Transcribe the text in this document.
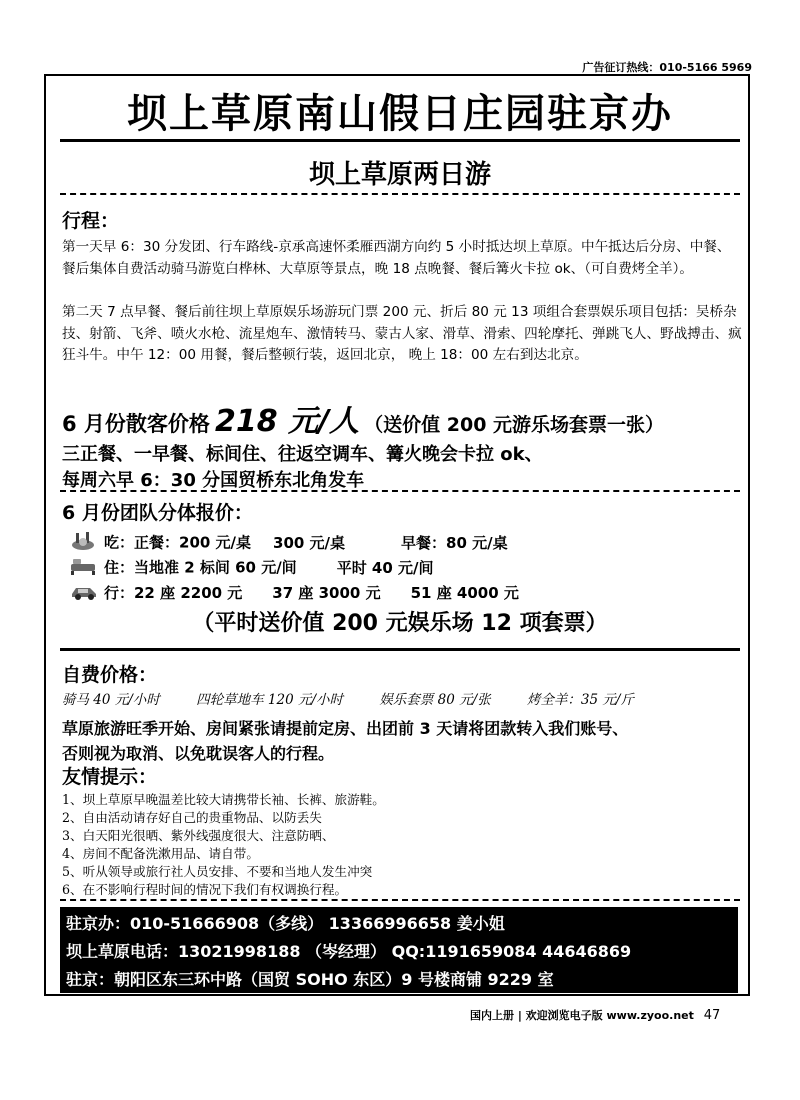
广告征订热线：010-5166 5969
坝上草原南山假日庄园驻京办
坝上草原两日游
行程：
第一天早 6：30 分发团、行车路线-京承高速怀柔雁西湖方向约 5 小时抵达坝上草原。中午抵达后分房、中餐、餐后集体自费活动骑马游览白桦林、大草原等景点，晚 18 点晚餐、餐后篝火卡拉 ok、（可自费烤全羊）。
第二天 7 点早餐、餐后前往坝上草原娱乐场游玩门票 200 元、折后 80 元 13 项组合套票娱乐项目包括：吴桥杂技、射箭、飞斧、喷火水枪、流星炮车、激情转马、蒙古人家、滑草、滑索、四轮摩托、弹跳飞人、野战搏击、疯狂斗牛。中午 12：00 用餐，餐后整顿行装，返回北京， 晚上 18：00 左右到达北京。
6 月份散客价格 218 元/人 （送价值 200 元游乐场套票一张）
三正餐、一早餐、标间住、往返空调车、篝火晚会卡拉 ok、
每周六早 6：30 分国贸桥东北角发车
6 月份团队分体报价：
吃：正餐：200 元/桌 300 元/桌	早餐：80 元/桌
住：当地准 2 标间 60 元/间	平时 40 元/间
行：22 座 2200 元 37 座 3000 元 51 座 4000 元
（平时送价值 200 元娱乐场 12 项套票）
自费价格：
骑马 40 元/小时	四轮草地车 120 元/小时	娱乐套票 80 元/张	烤全羊：35 元/斤
草原旅游旺季开始、房间紧张请提前定房、出团前 3 天请将团款转入我们账号、
否则视为取消、以免耽误客人的行程。
友情提示：
1、坝上草原早晚温差比较大请携带长袖、长裤、旅游鞋。
2、自由活动请存好自己的贵重物品、以防丢失
3、白天阳光很晒、紫外线强度很大、注意防晒、
4、房间不配备洗漱用品、请自带。
5、听从领导或旅行社人员安排、不要和当地人发生冲突
6、在不影响行程时间的情况下我们有权调换行程。
驻京办：010-51666908（多线） 13366996658 姜小姐
坝上草原电话：13021998188 （岑经理） QQ:1191659084 44646869
驻京：朝阳区东三环中路（国贸 SOHO 东区）9 号楼商铺 9229 室
国内上册 | 欢迎浏览电子版 www.zyoo.net 47
